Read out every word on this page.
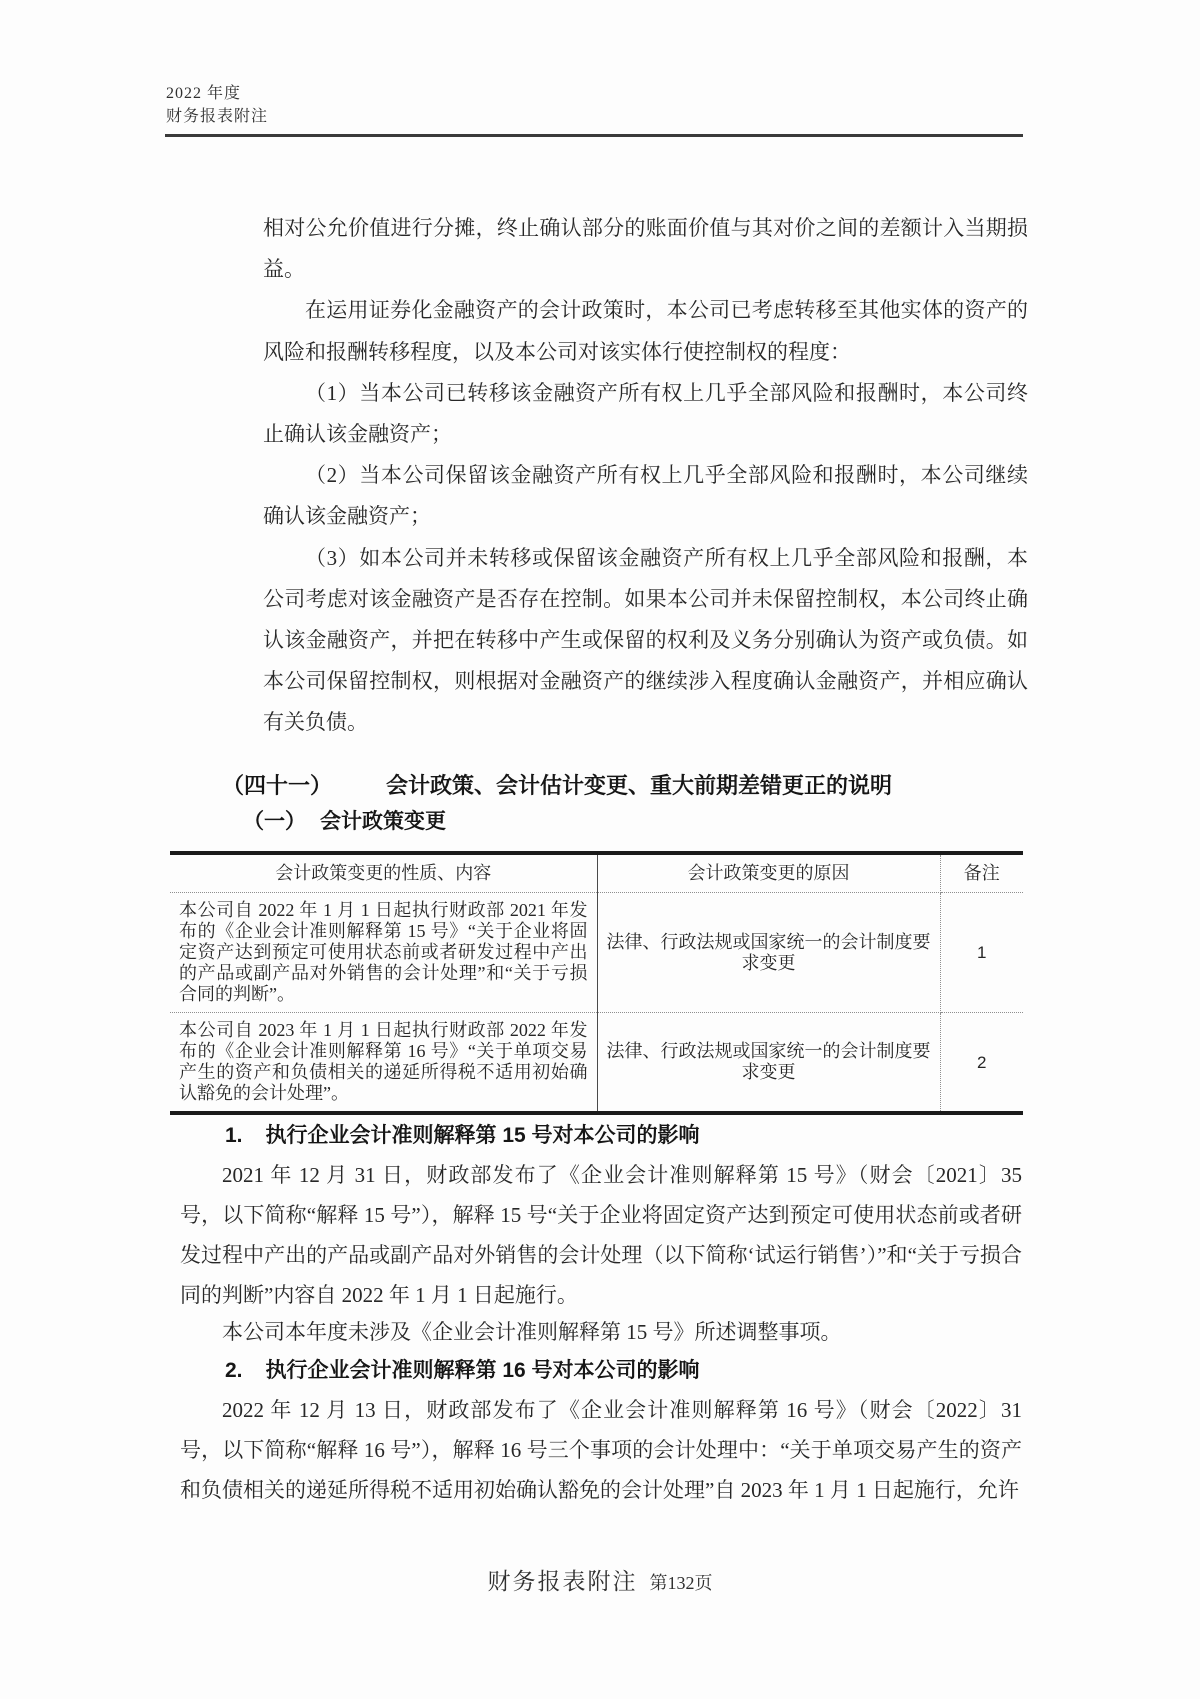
2022 年度
财务报表附注

相对公允价值进行分摊，终止确认部分的账面价值与其对价之间的差额计入当期损益。

在运用证券化金融资产的会计政策时，本公司已考虑转移至其他实体的资产的风险和报酬转移程度，以及本公司对该实体行使控制权的程度：

（1）当本公司已转移该金融资产所有权上几乎全部风险和报酬时，本公司终止确认该金融资产；

（2）当本公司保留该金融资产所有权上几乎全部风险和报酬时，本公司继续确认该金融资产；

（3）如本公司并未转移或保留该金融资产所有权上几乎全部风险和报酬，本公司考虑对该金融资产是否存在控制。如果本公司并未保留控制权，本公司终止确认该金融资产，并把在转移中产生或保留的权利及义务分别确认为资产或负债。如本公司保留控制权，则根据对金融资产的继续涉入程度确认金融资产，并相应确认有关负债。

（四十一） 会计政策、会计估计变更、重大前期差错更正的说明
（一） 会计政策变更
会计政策变更的性质、内容	会计政策变更的原因	备注
本公司自 2022 年 1 月 1 日起执行财政部 2021 年发布的《企业会计准则解释第 15 号》“关于企业将固定资产达到预定可使用状态前或者研发过程中产出的产品或副产品对外销售的会计处理”和“关于亏损合同的判断”。	法律、行政法规或国家统一的会计制度要求变更	1
本公司自 2023 年 1 月 1 日起执行财政部 2022 年发布的《企业会计准则解释第 16 号》“关于单项交易产生的资产和负债相关的递延所得税不适用初始确认豁免的会计处理”。	法律、行政法规或国家统一的会计制度要求变更	2
1. 执行企业会计准则解释第 15 号对本公司的影响

2021 年 12 月 31 日，财政部发布了《企业会计准则解释第 15 号》（财会〔2021〕35 号，以下简称“解释 15 号”），解释 15 号“关于企业将固定资产达到预定可使用状态前或者研发过程中产出的产品或副产品对外销售的会计处理（以下简称‘试运行销售’）”和“关于亏损合同的判断”内容自 2022 年 1 月 1 日起施行。

本公司本年度未涉及《企业会计准则解释第 15 号》所述调整事项。

2. 执行企业会计准则解释第 16 号对本公司的影响

2022 年 12 月 13 日，财政部发布了《企业会计准则解释第 16 号》（财会〔2022〕31 号，以下简称“解释 16 号”），解释 16 号三个事项的会计处理中：“关于单项交易产生的资产和负债相关的递延所得税不适用初始确认豁免的会计处理”自 2023 年 1 月 1 日起施行，允许

财务报表附注 第132页
